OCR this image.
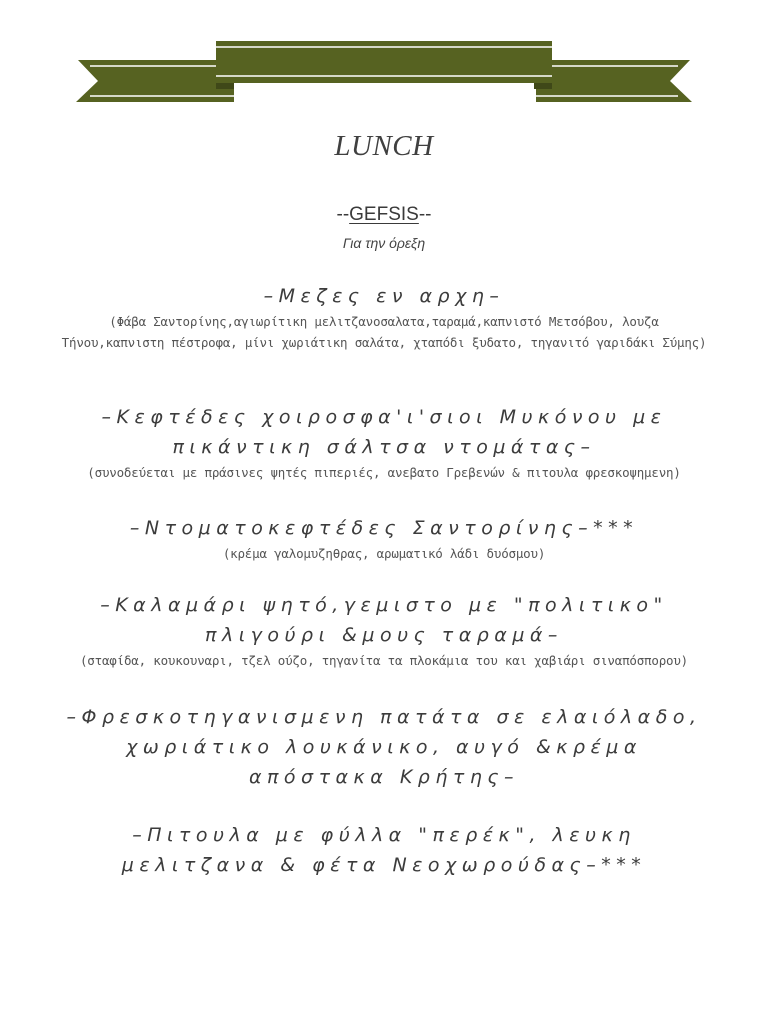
LUNCH
--GEFSIS--
Για την όρεξη
–Μεζες εν αρχη–
(Φάβα Σαντορίνης,αγιωρίτικη μελιτζανοσαλατα,ταραμά,καπνιστό Μετσόβου, λουζα Τήνου,καπνιστη πέστροφα, μίνι χωριάτικη σαλάτα, χταπόδι ξυδατο, τηγανιτό γαριδάκι Σύμης)
–Κεφτέδες χοιροσφα'ι'σιοι Μυκόνου με πικάντικη σάλτσα ντομάτας–
(συνοδεύεται με πράσινες ψητές πιπεριές, ανεβατο Γρεβενών & πιτουλα φρεσκοψημενη)
–Ντοματοκεφτέδες Σαντορίνης–***
(κρέμα γαλομυζηθρας, αρωματικό λάδι δυόσμου)
–Καλαμάρι ψητό,γεμιστο με "πολιτικο" πλιγούρι &μους ταραμά–
(σταφίδα, κουκουναρι, τζελ ούζο, τηγανίτα τα πλοκάμια του και χαβιάρι σιναπόσπορου)
–Φρεσκοτηγανισμενη πατάτα σε ελαιόλαδο, χωριάτικο λουκάνικο, αυγό &κρέμα απόστακα Κρήτης–
–Πιτουλα με φύλλα "περέκ", λευκη μελιτζανα & φέτα Νεοχωρούδας–***
